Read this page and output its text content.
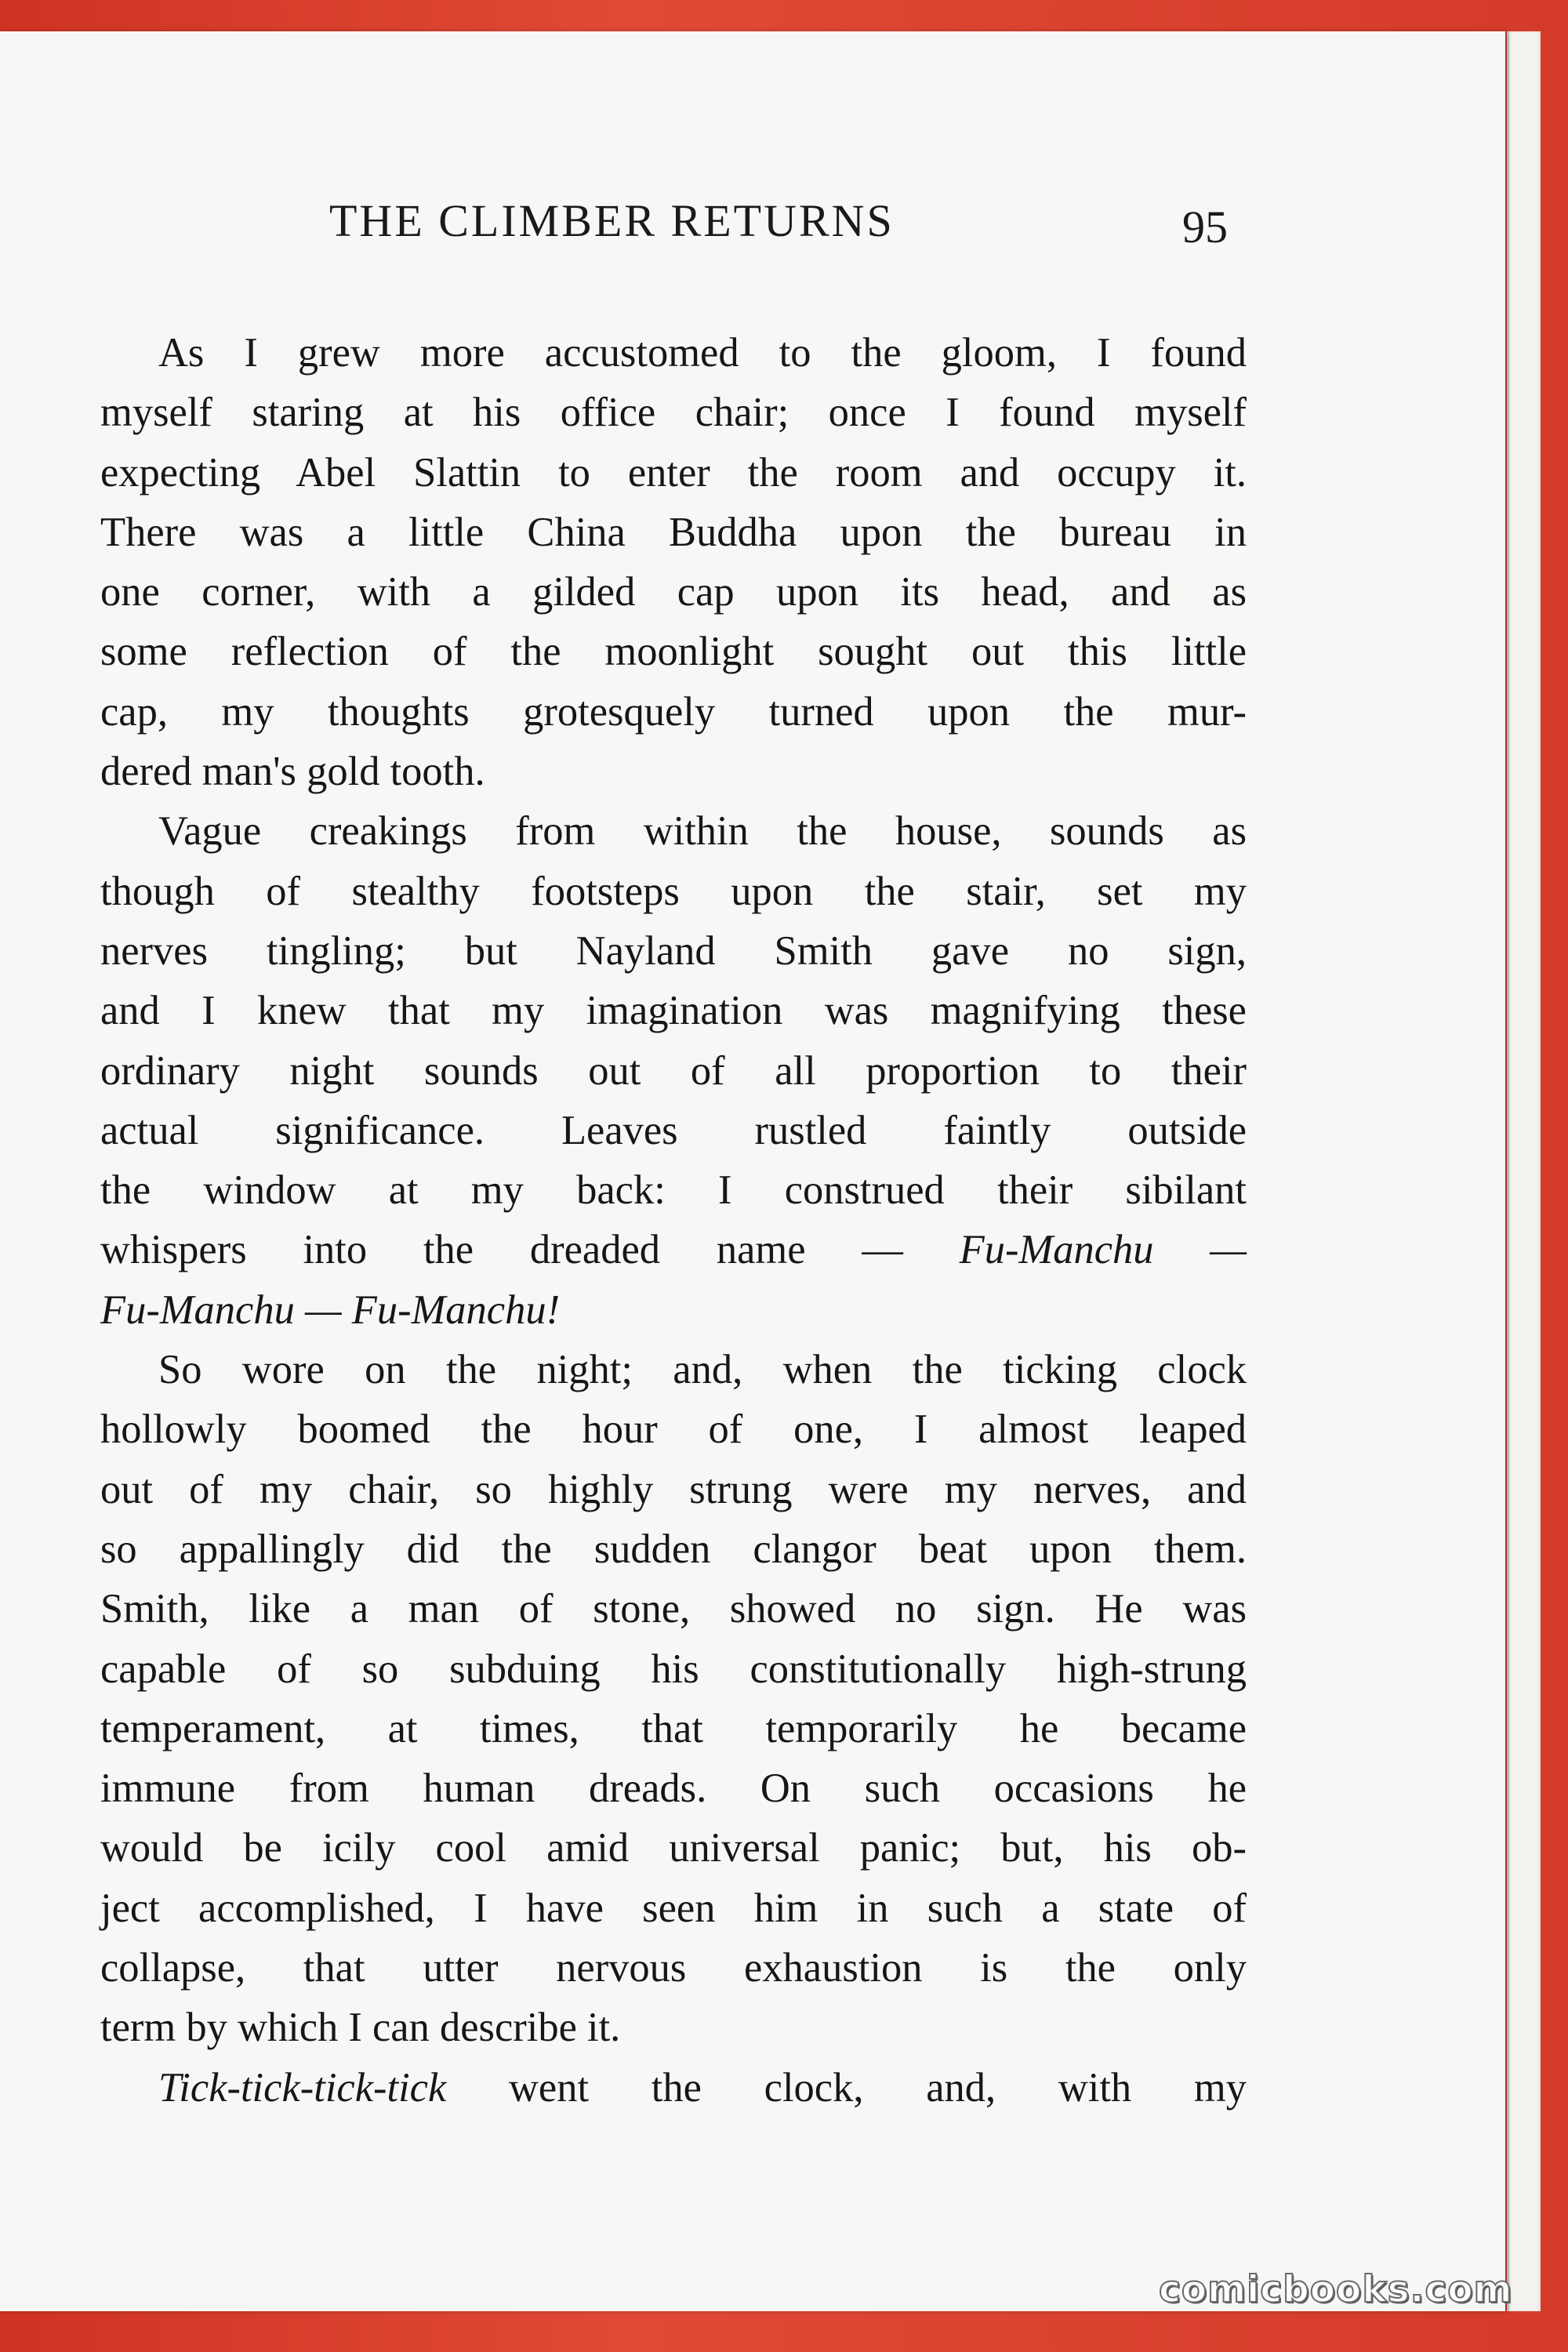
THE CLIMBER RETURNS	95
As I grew more accustomed to the gloom, I found
myself staring at his office chair; once I found myself
expecting Abel Slattin to enter the room and occupy it.
There was a little China Buddha upon the bureau in
one corner, with a gilded cap upon its head, and as
some reflection of the moonlight sought out this little
cap, my thoughts grotesquely turned upon the mur-
dered man's gold tooth.
Vague creakings from within the house, sounds as
though of stealthy footsteps upon the stair, set my
nerves tingling; but Nayland Smith gave no sign,
and I knew that my imagination was magnifying these
ordinary night sounds out of all proportion to their
actual significance. Leaves rustled faintly outside
the window at my back: I construed their sibilant
whispers into the dreaded name — Fu-Manchu —
Fu-Manchu — Fu-Manchu!
So wore on the night; and, when the ticking clock
hollowly boomed the hour of one, I almost leaped
out of my chair, so highly strung were my nerves, and
so appallingly did the sudden clangor beat upon them.
Smith, like a man of stone, showed no sign. He was
capable of so subduing his constitutionally high-strung
temperament, at times, that temporarily he became
immune from human dreads. On such occasions he
would be icily cool amid universal panic; but, his ob-
ject accomplished, I have seen him in such a state of
collapse, that utter nervous exhaustion is the only
term by which I can describe it.
Tick-tick-tick-tick went the clock, and, with my
comicbooks.com
